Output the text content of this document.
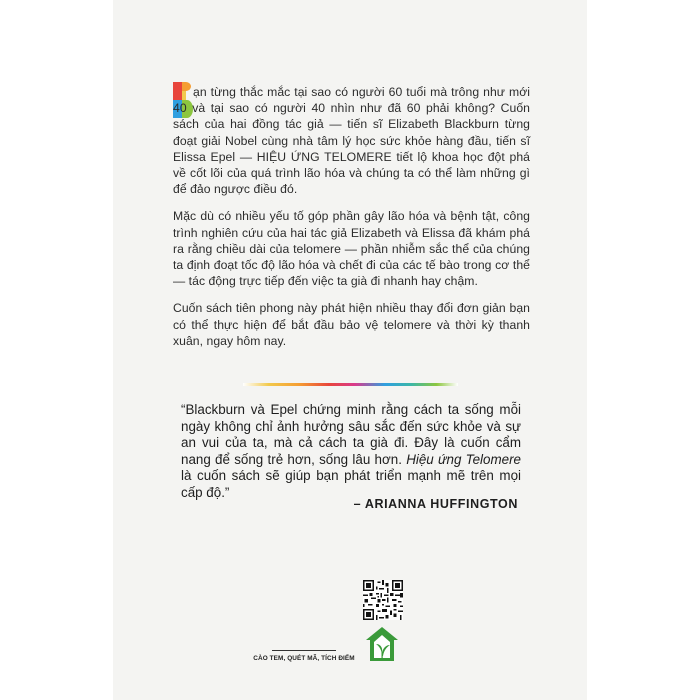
ạn từng thắc mắc tại sao có người 60 tuổi mà trông như mới 40 và tại sao có người 40 nhìn như đã 60 phải không? Cuốn sách của hai đồng tác giả — tiến sĩ Elizabeth Blackburn từng đoạt giải Nobel cùng nhà tâm lý học sức khỏe hàng đầu, tiến sĩ Elissa Epel — HIỆU ỨNG TELOMERE tiết lộ khoa học đột phá về cốt lõi của quá trình lão hóa và chúng ta có thể làm những gì để đảo ngược điều đó.

Mặc dù có nhiều yếu tố góp phần gây lão hóa và bệnh tật, công trình nghiên cứu của hai tác giả Elizabeth và Elissa đã khám phá ra rằng chiều dài của telomere — phần nhiễm sắc thể của chúng ta định đoạt tốc độ lão hóa và chết đi của các tế bào trong cơ thể — tác động trực tiếp đến việc ta già đi nhanh hay chậm.

Cuốn sách tiên phong này phát hiện nhiều thay đổi đơn giản bạn có thể thực hiện để bắt đầu bảo vệ telomere và thời kỳ thanh xuân, ngay hôm nay.

“Blackburn và Epel chứng minh rằng cách ta sống mỗi ngày không chỉ ảnh hưởng sâu sắc đến sức khỏe và sự an vui của ta, mà cả cách ta già đi. Đây là cuốn cẩm nang để sống trẻ hơn, sống lâu hơn. Hiệu ứng Telomere là cuốn sách sẽ giúp bạn phát triển mạnh mẽ trên mọi cấp độ.”
– ARIANNA HUFFINGTON
CÀO TEM, QUÉT MÃ, TÍCH ĐIỂM
